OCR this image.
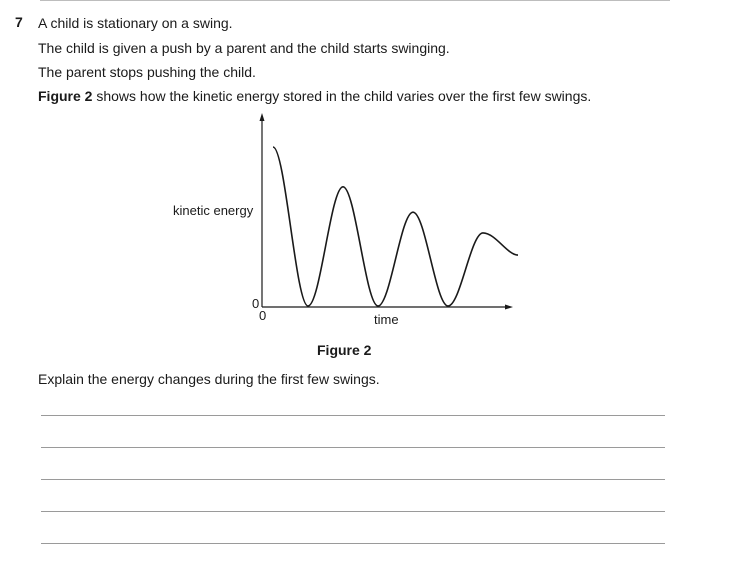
7 A child is stationary on a swing.
The child is given a push by a parent and the child starts swinging.
The parent stops pushing the child.
Figure 2 shows how the kinetic energy stored in the child varies over the first few swings.
kinetic energy
0
0	time
Figure 2
Explain the energy changes during the first few swings.
